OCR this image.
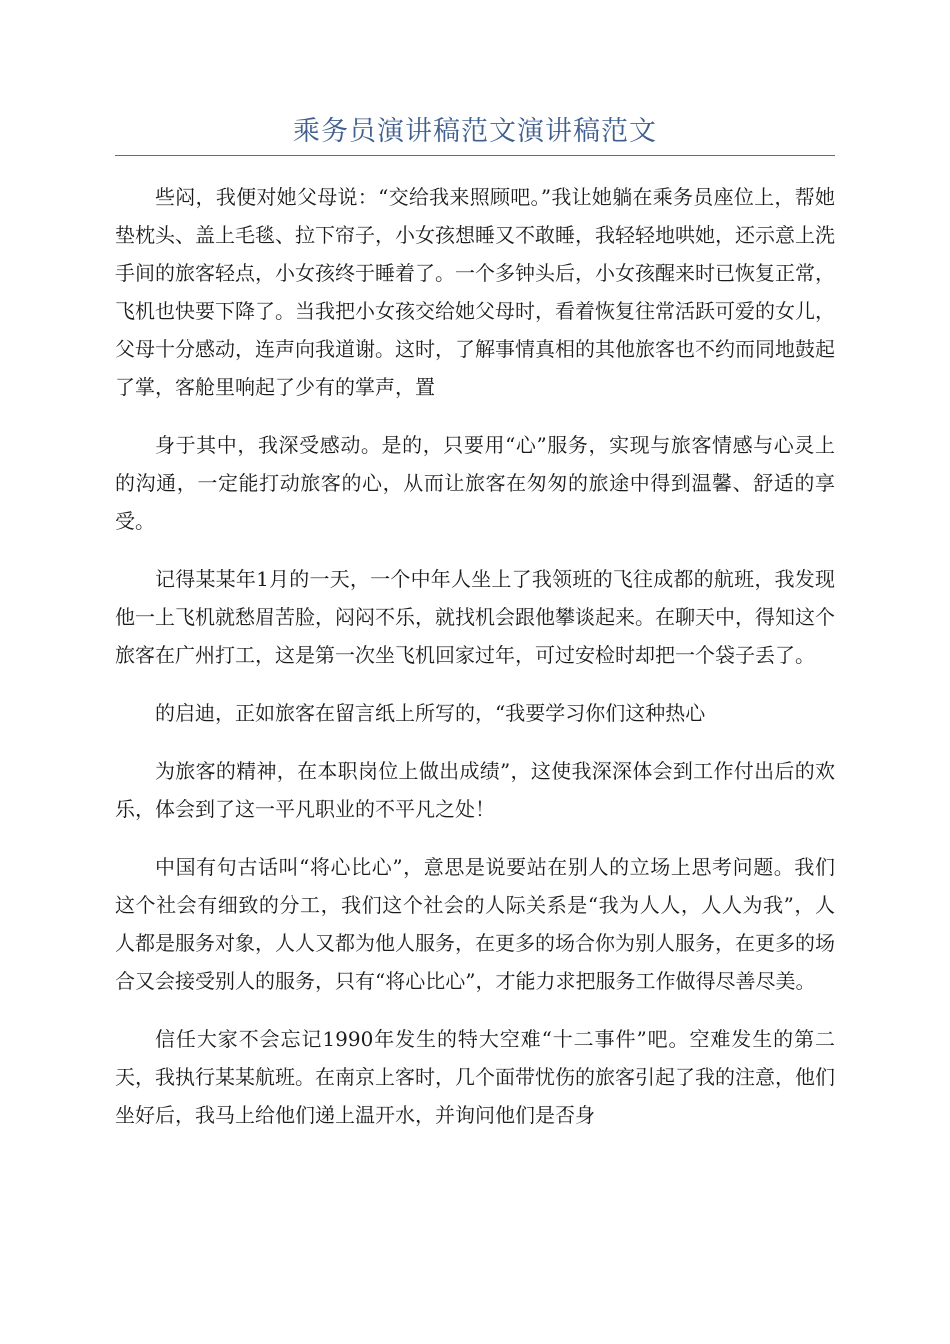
乘务员演讲稿范文演讲稿范文

些闷，我便对她父母说：“交给我来照顾吧。”我让她躺在乘务员座位上，帮她垫枕头、盖上毛毯、拉下帘子，小女孩想睡又不敢睡，我轻轻地哄她，还示意上洗手间的旅客轻点，小女孩终于睡着了。一个多钟头后，小女孩醒来时已恢复正常，飞机也快要下降了。当我把小女孩交给她父母时，看着恢复往常活跃可爱的女儿，父母十分感动，连声向我道谢。这时，了解事情真相的其他旅客也不约而同地鼓起了掌，客舱里响起了少有的掌声，置

身于其中，我深受感动。是的，只要用“心”服务，实现与旅客情感与心灵上的沟通，一定能打动旅客的心，从而让旅客在匆匆的旅途中得到温馨、舒适的享受。

记得某某年1月的一天，一个中年人坐上了我领班的飞往成都的航班，我发现他一上飞机就愁眉苦脸，闷闷不乐，就找机会跟他攀谈起来。在聊天中，得知这个旅客在广州打工，这是第一次坐飞机回家过年，可过安检时却把一个袋子丢了。

的启迪，正如旅客在留言纸上所写的，“我要学习你们这种热心

为旅客的精神，在本职岗位上做出成绩”，这使我深深体会到工作付出后的欢乐，体会到了这一平凡职业的不平凡之处！

中国有句古话叫“将心比心”，意思是说要站在别人的立场上思考问题。我们这个社会有细致的分工，我们这个社会的人际关系是“我为人人，人人为我”，人人都是服务对象，人人又都为他人服务，在更多的场合你为别人服务，在更多的场合又会接受别人的服务，只有“将心比心”，才能力求把服务工作做得尽善尽美。

信任大家不会忘记1990年发生的特大空难“十二事件”吧。空难发生的第二天，我执行某某航班。在南京上客时，几个面带忧伤的旅客引起了我的注意，他们坐好后，我马上给他们递上温开水，并询问他们是否身
